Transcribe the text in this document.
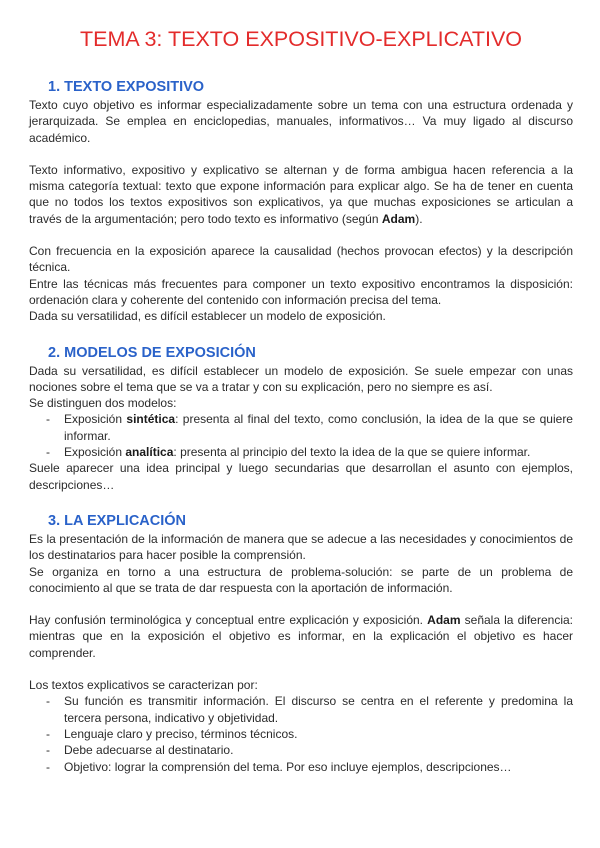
TEMA 3: TEXTO EXPOSITIVO-EXPLICATIVO
1. TEXTO EXPOSITIVO

Texto cuyo objetivo es informar especializadamente sobre un tema con una estructura ordenada y jerarquizada. Se emplea en enciclopedias, manuales, informativos… Va muy ligado al discurso académico.

Texto informativo, expositivo y explicativo se alternan y de forma ambigua hacen referencia a la misma categoría textual: texto que expone información para explicar algo. Se ha de tener en cuenta que no todos los textos expositivos son explicativos, ya que muchas exposiciones se articulan a través de la argumentación; pero todo texto es informativo (según Adam).

Con frecuencia en la exposición aparece la causalidad (hechos provocan efectos) y la descripción técnica.

Entre las técnicas más frecuentes para componer un texto expositivo encontramos la disposición: ordenación clara y coherente del contenido con información precisa del tema.

Dada su versatilidad, es difícil establecer un modelo de exposición.

2. MODELOS DE EXPOSICIÓN

Dada su versatilidad, es difícil establecer un modelo de exposición. Se suele empezar con unas nociones sobre el tema que se va a tratar y con su explicación, pero no siempre es así.

Se distinguen dos modelos:

- Exposición sintética: presenta al final del texto, como conclusión, la idea de la que se quiere informar.
- Exposición analítica: presenta al principio del texto la idea de la que se quiere informar.

Suele aparecer una idea principal y luego secundarias que desarrollan el asunto con ejemplos, descripciones…

3. LA EXPLICACIÓN

Es la presentación de la información de manera que se adecue a las necesidades y conocimientos de los destinatarios para hacer posible la comprensión.

Se organiza en torno a una estructura de problema-solución: se parte de un problema de conocimiento al que se trata de dar respuesta con la aportación de información.

Hay confusión terminológica y conceptual entre explicación y exposición. Adam señala la diferencia: mientras que en la exposición el objetivo es informar, en la explicación el objetivo es hacer comprender.

Los textos explicativos se caracterizan por:

- Su función es transmitir información. El discurso se centra en el referente y predomina la tercera persona, indicativo y objetividad.
- Lenguaje claro y preciso, términos técnicos.
- Debe adecuarse al destinatario.
- Objetivo: lograr la comprensión del tema. Por eso incluye ejemplos, descripciones…
